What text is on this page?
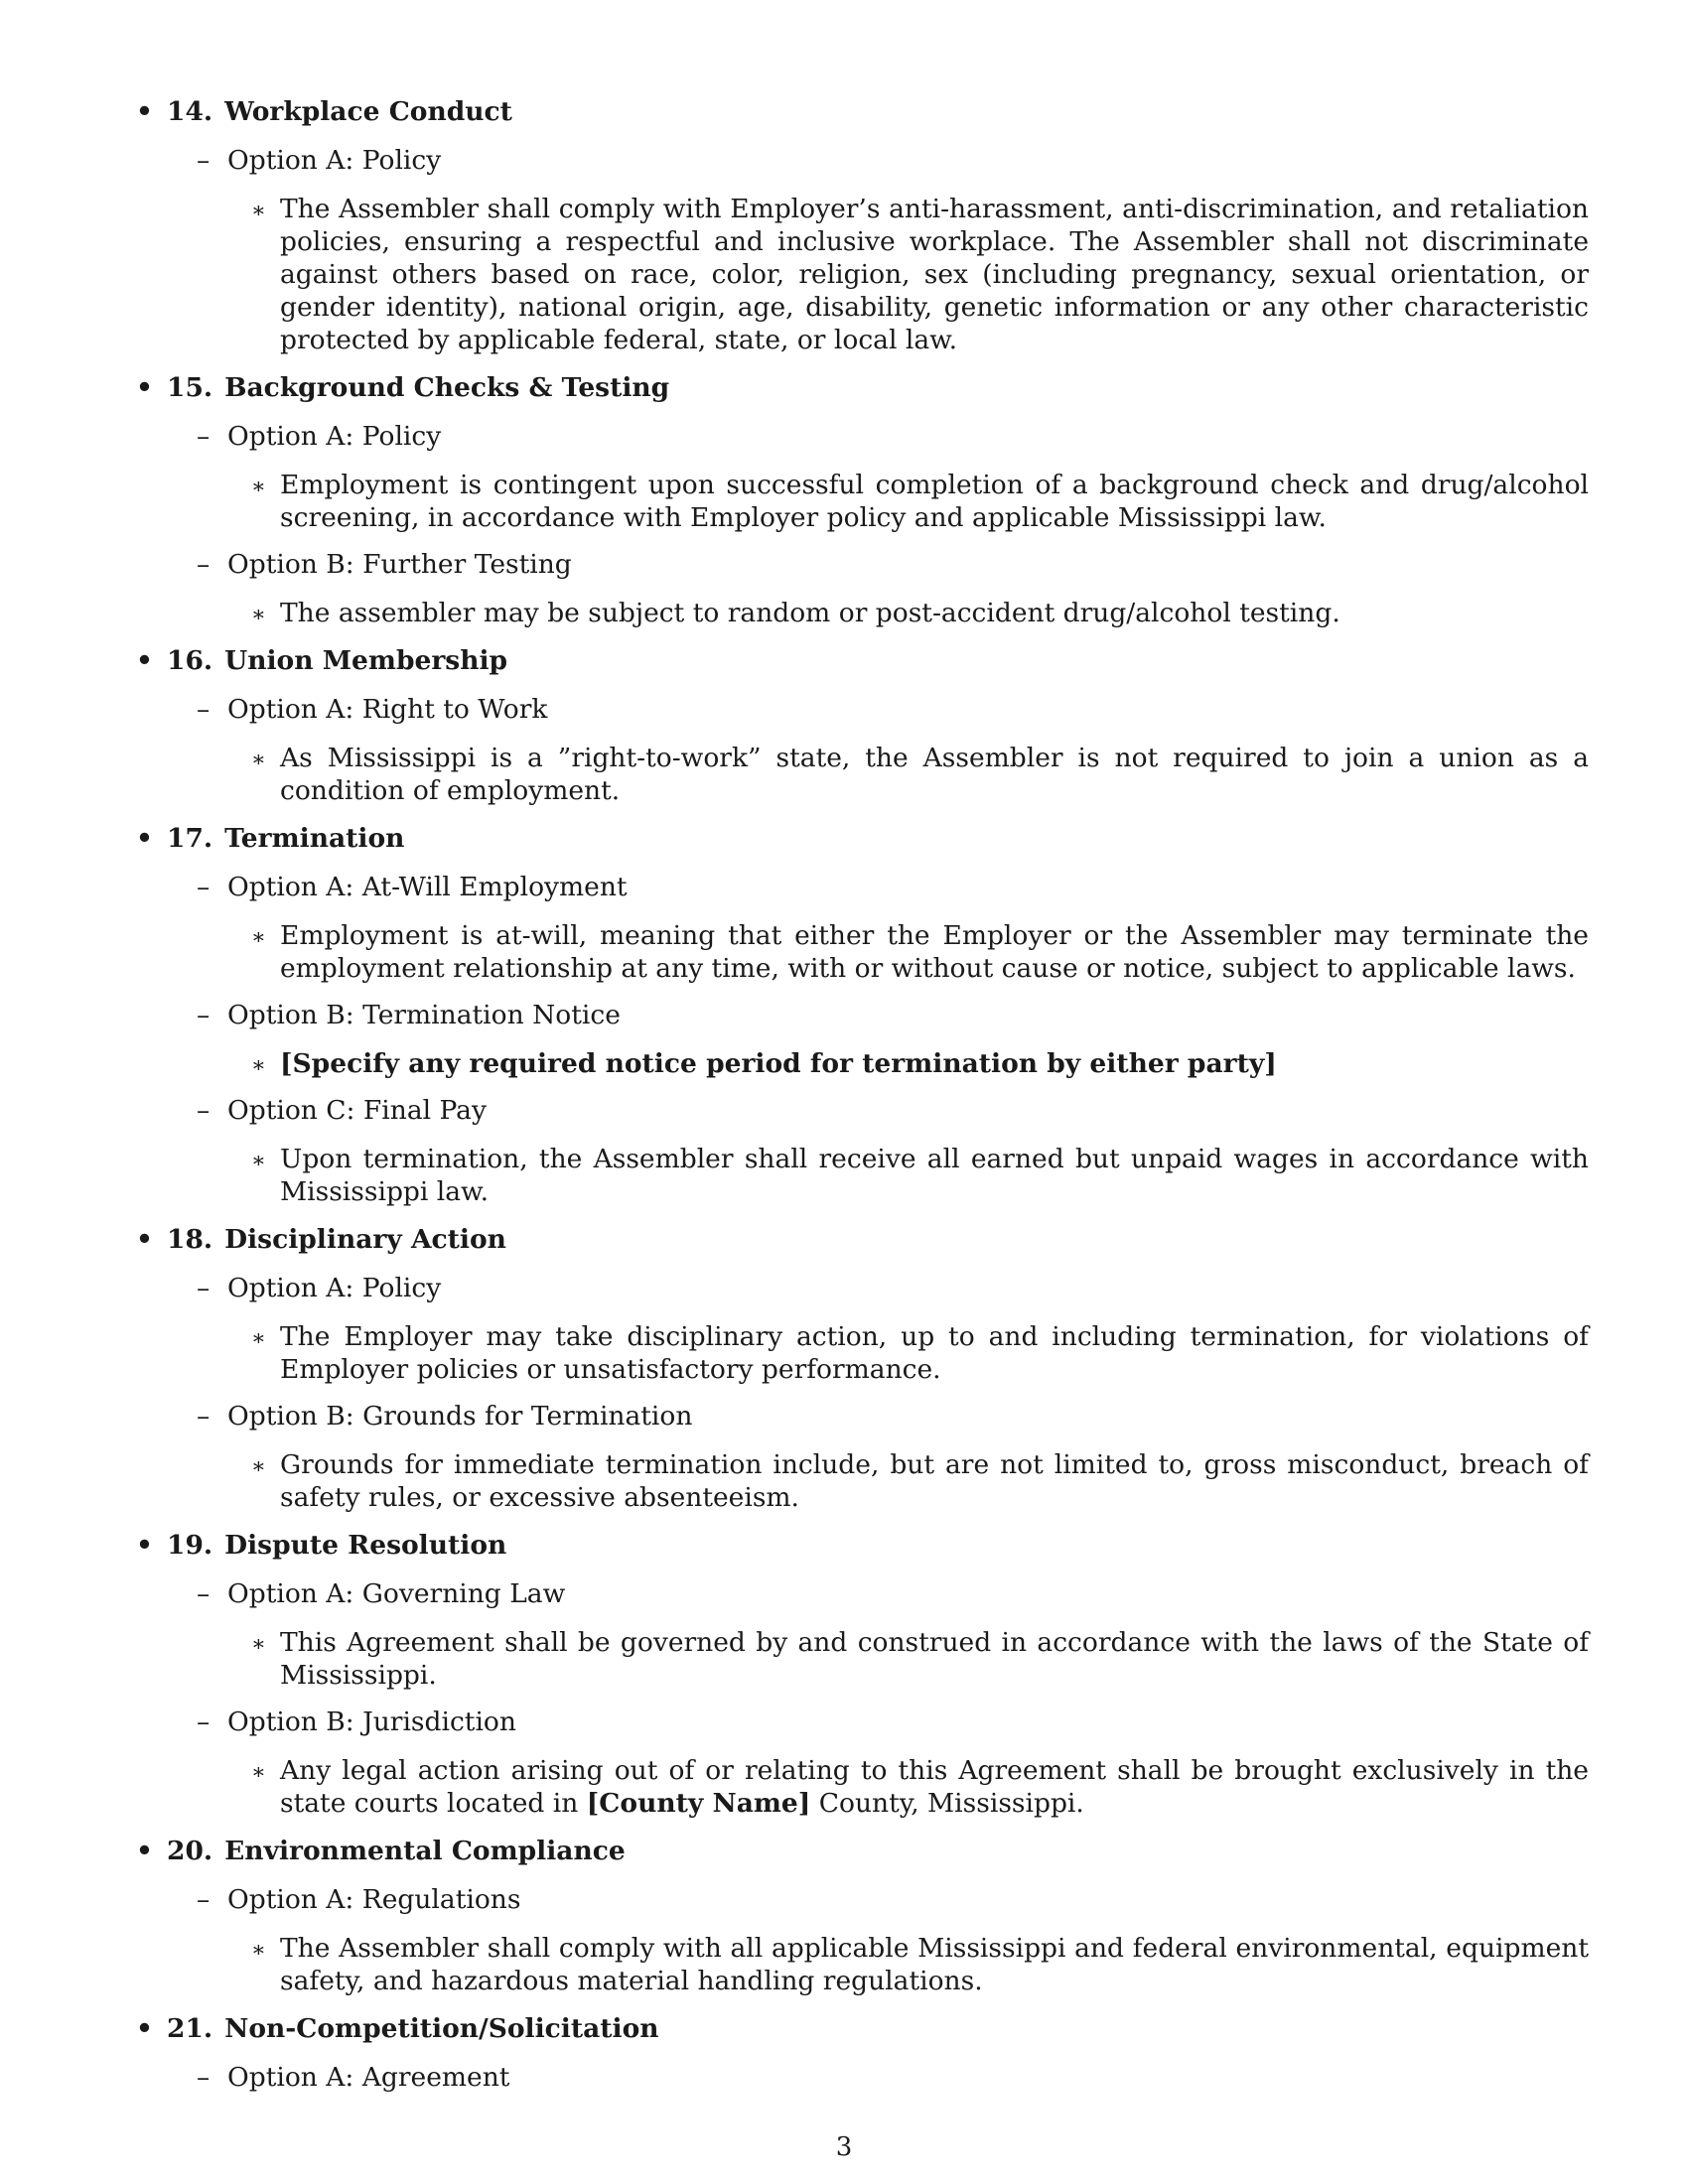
• 14. Workplace Conduct
– Option A: Policy
∗ The Assembler shall comply with Employer’s anti-harassment, anti-discrimination, and retaliation policies, ensuring a respectful and inclusive workplace. The Assembler shall not discriminate against others based on race, color, religion, sex (including pregnancy, sexual orientation, or gender identity), national origin, age, disability, genetic information or any other characteristic protected by applicable federal, state, or local law.
• 15. Background Checks & Testing
– Option A: Policy
∗ Employment is contingent upon successful completion of a background check and drug/alcohol screening, in accordance with Employer policy and applicable Mississippi law.
– Option B: Further Testing
∗ The assembler may be subject to random or post-accident drug/alcohol testing.
• 16. Union Membership
– Option A: Right to Work
∗ As Mississippi is a ”right-to-work” state, the Assembler is not required to join a union as a condition of employment.
• 17. Termination
– Option A: At-Will Employment
∗ Employment is at-will, meaning that either the Employer or the Assembler may terminate the employment relationship at any time, with or without cause or notice, subject to applicable laws.
– Option B: Termination Notice
∗ [Specify any required notice period for termination by either party]
– Option C: Final Pay
∗ Upon termination, the Assembler shall receive all earned but unpaid wages in accordance with Mississippi law.
• 18. Disciplinary Action
– Option A: Policy
∗ The Employer may take disciplinary action, up to and including termination, for violations of Employer policies or unsatisfactory performance.
– Option B: Grounds for Termination
∗ Grounds for immediate termination include, but are not limited to, gross misconduct, breach of safety rules, or excessive absenteeism.
• 19. Dispute Resolution
– Option A: Governing Law
∗ This Agreement shall be governed by and construed in accordance with the laws of the State of Mississippi.
– Option B: Jurisdiction
∗ Any legal action arising out of or relating to this Agreement shall be brought exclusively in the state courts located in [County Name] County, Mississippi.
• 20. Environmental Compliance
– Option A: Regulations
∗ The Assembler shall comply with all applicable Mississippi and federal environmental, equipment safety, and hazardous material handling regulations.
• 21. Non-Competition/Solicitation
– Option A: Agreement
3
